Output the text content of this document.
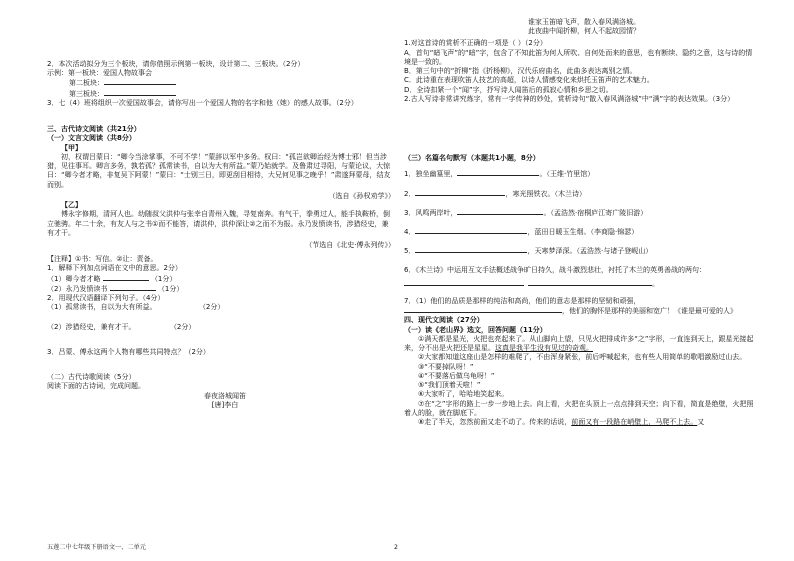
2．本次活动拟分为三个板块，请你借照示例第一板块，设计第二、三板块。（2分）
示例：第一板块：爱国人物故事会
第二板块：
第三板块：
3．七（4）班将组织一次爱国故事会，请你写出一个爱国人物的名字和他（她）的感人故事。（2分）
三、古代诗文阅读（共21分）
（一）文言文阅读（共8分）
【甲】
初，权谓吕蒙曰：“卿今当涂掌事，不可不学！”蒙辞以军中多务。权曰：“孤岂欲卿治经为博士邪！但当涉猎，见往事耳。卿言多务，孰若孤？孤常读书，自以为大有所益。”蒙乃始就学。及鲁肃过寻阳，与蒙论议，大惊曰：“卿今者才略，非复吴下阿蒙！”蒙曰：“士别三日，即更刮目相待，大兄何见事之晚乎！”肃遂拜蒙母，结友而别。
（选自《孙权劝学》）
【乙】
傅永字修期，清河人也。幼随叔父洪仲与张幸自青州入魏，寻复南奔。有气干，拳勇过人，能手执鞍桥，倒立驰骋。年二十余，有友人与之书①而不能答，请洪仲，洪仲深让②之而不为报。永乃发愤读书，涉猎经史，兼有才干。
（节选自《北史·傅永列传》）
【注释】①书：写信。②让：责备。
1．解释下列加点词语在文中的意思。2分）
（1）卿今者才略	（1分）
（2）永乃发愤读书	（1分）
2．用现代汉语翻译下列句子。（4分）
（1）孤常读书，自以为大有所益。	（2分）
（2）涉猎经史，兼有才干。	（2分）
3．吕蒙、傅永这两个人物有哪些共同特点？（2分）
（二）古代诗歌阅读（5分）
阅读下面的古诗词，完成问题。
春夜洛城闻笛
[唐]李白
谁家玉笛暗飞声，散入春风满洛城。
此夜曲中闻折柳，何人不起故园情？
1.对这首诗的赏析不正确的一项是（ ）（2分）
A．首句“暗飞声”的“暗”字，包含了不知此笛为何人所吹、自何处而来的意思，也有断续、隐约之意，这与诗的情境是一致的。
B．第三句中的“折柳”指《折杨柳》，汉代乐府曲名，此曲多表达离别之情。
C．此诗重在表现吹笛人技艺的高超，以诗人情感变化来烘托玉笛声的艺术魅力。
D．全诗扣紧一个“闻”字，抒写诗人闻笛后的孤寂心情和乡思之切。
2.古人写诗非常讲究炼字，常有一字传神的妙处，赏析诗句“散入春风满洛城”中“满”字的表达效果。（3分）
（三）名篇名句默写（本题共1小题，8分）
1．独坐幽篁里，	。（王维·竹里馆）
2．	，寒光照铁衣。（木兰诗）
3．风鸣两岸叶，	。（孟浩然·宿桐庐江寄广陵旧游）
4．	，蓝田日暖玉生烟。（李商隐·锦瑟）
5．	，天寒梦泽深。（孟浩然·与诸子登岘山）
6．《木兰诗》中运用互文手法概述战争旷日持久，战斗激烈悲壮，衬托了木兰的英勇善战的两句：
。
7．（1）他们的品质是那样的纯洁和高尚，他们的意志是那样的坚韧和顽强，，他们的胸怀是那样的美丽和宽广！《谁是最可爱的人》
四、现代文阅读（27分）
（一）读《老山界》选文，回答问题（11分）
①满天都是星光，火把也亮起来了。从山脚向上望，只见火把排成许多“之”字形，一直连到天上，跟星光接起来，分不出是火把还是星星。这真是我平生没有见过的奇观。
②大家都知道这座山是怎样的难爬了，不由浑身紧张，前后呼喊起来，也有些人用简单的歌唱激励过山去。
③“不要掉队呀！”
④“不要落后做乌龟呀！”
⑤“我们顶着天啦！”
⑥大家听了，哈哈地笑起来。
⑦在“之”字形的路上一步一步地上去。向上看，火把在头顶上一点点排到天空；向下看，简直是绝壁，火把照着人的脸，就在脚底下。
⑧走了半天，忽然前面又走不动了。传来的话说，前面又有一段路在峭壁上，马爬不上去。又
五莲二中七年级下册语文一、二单元	2
